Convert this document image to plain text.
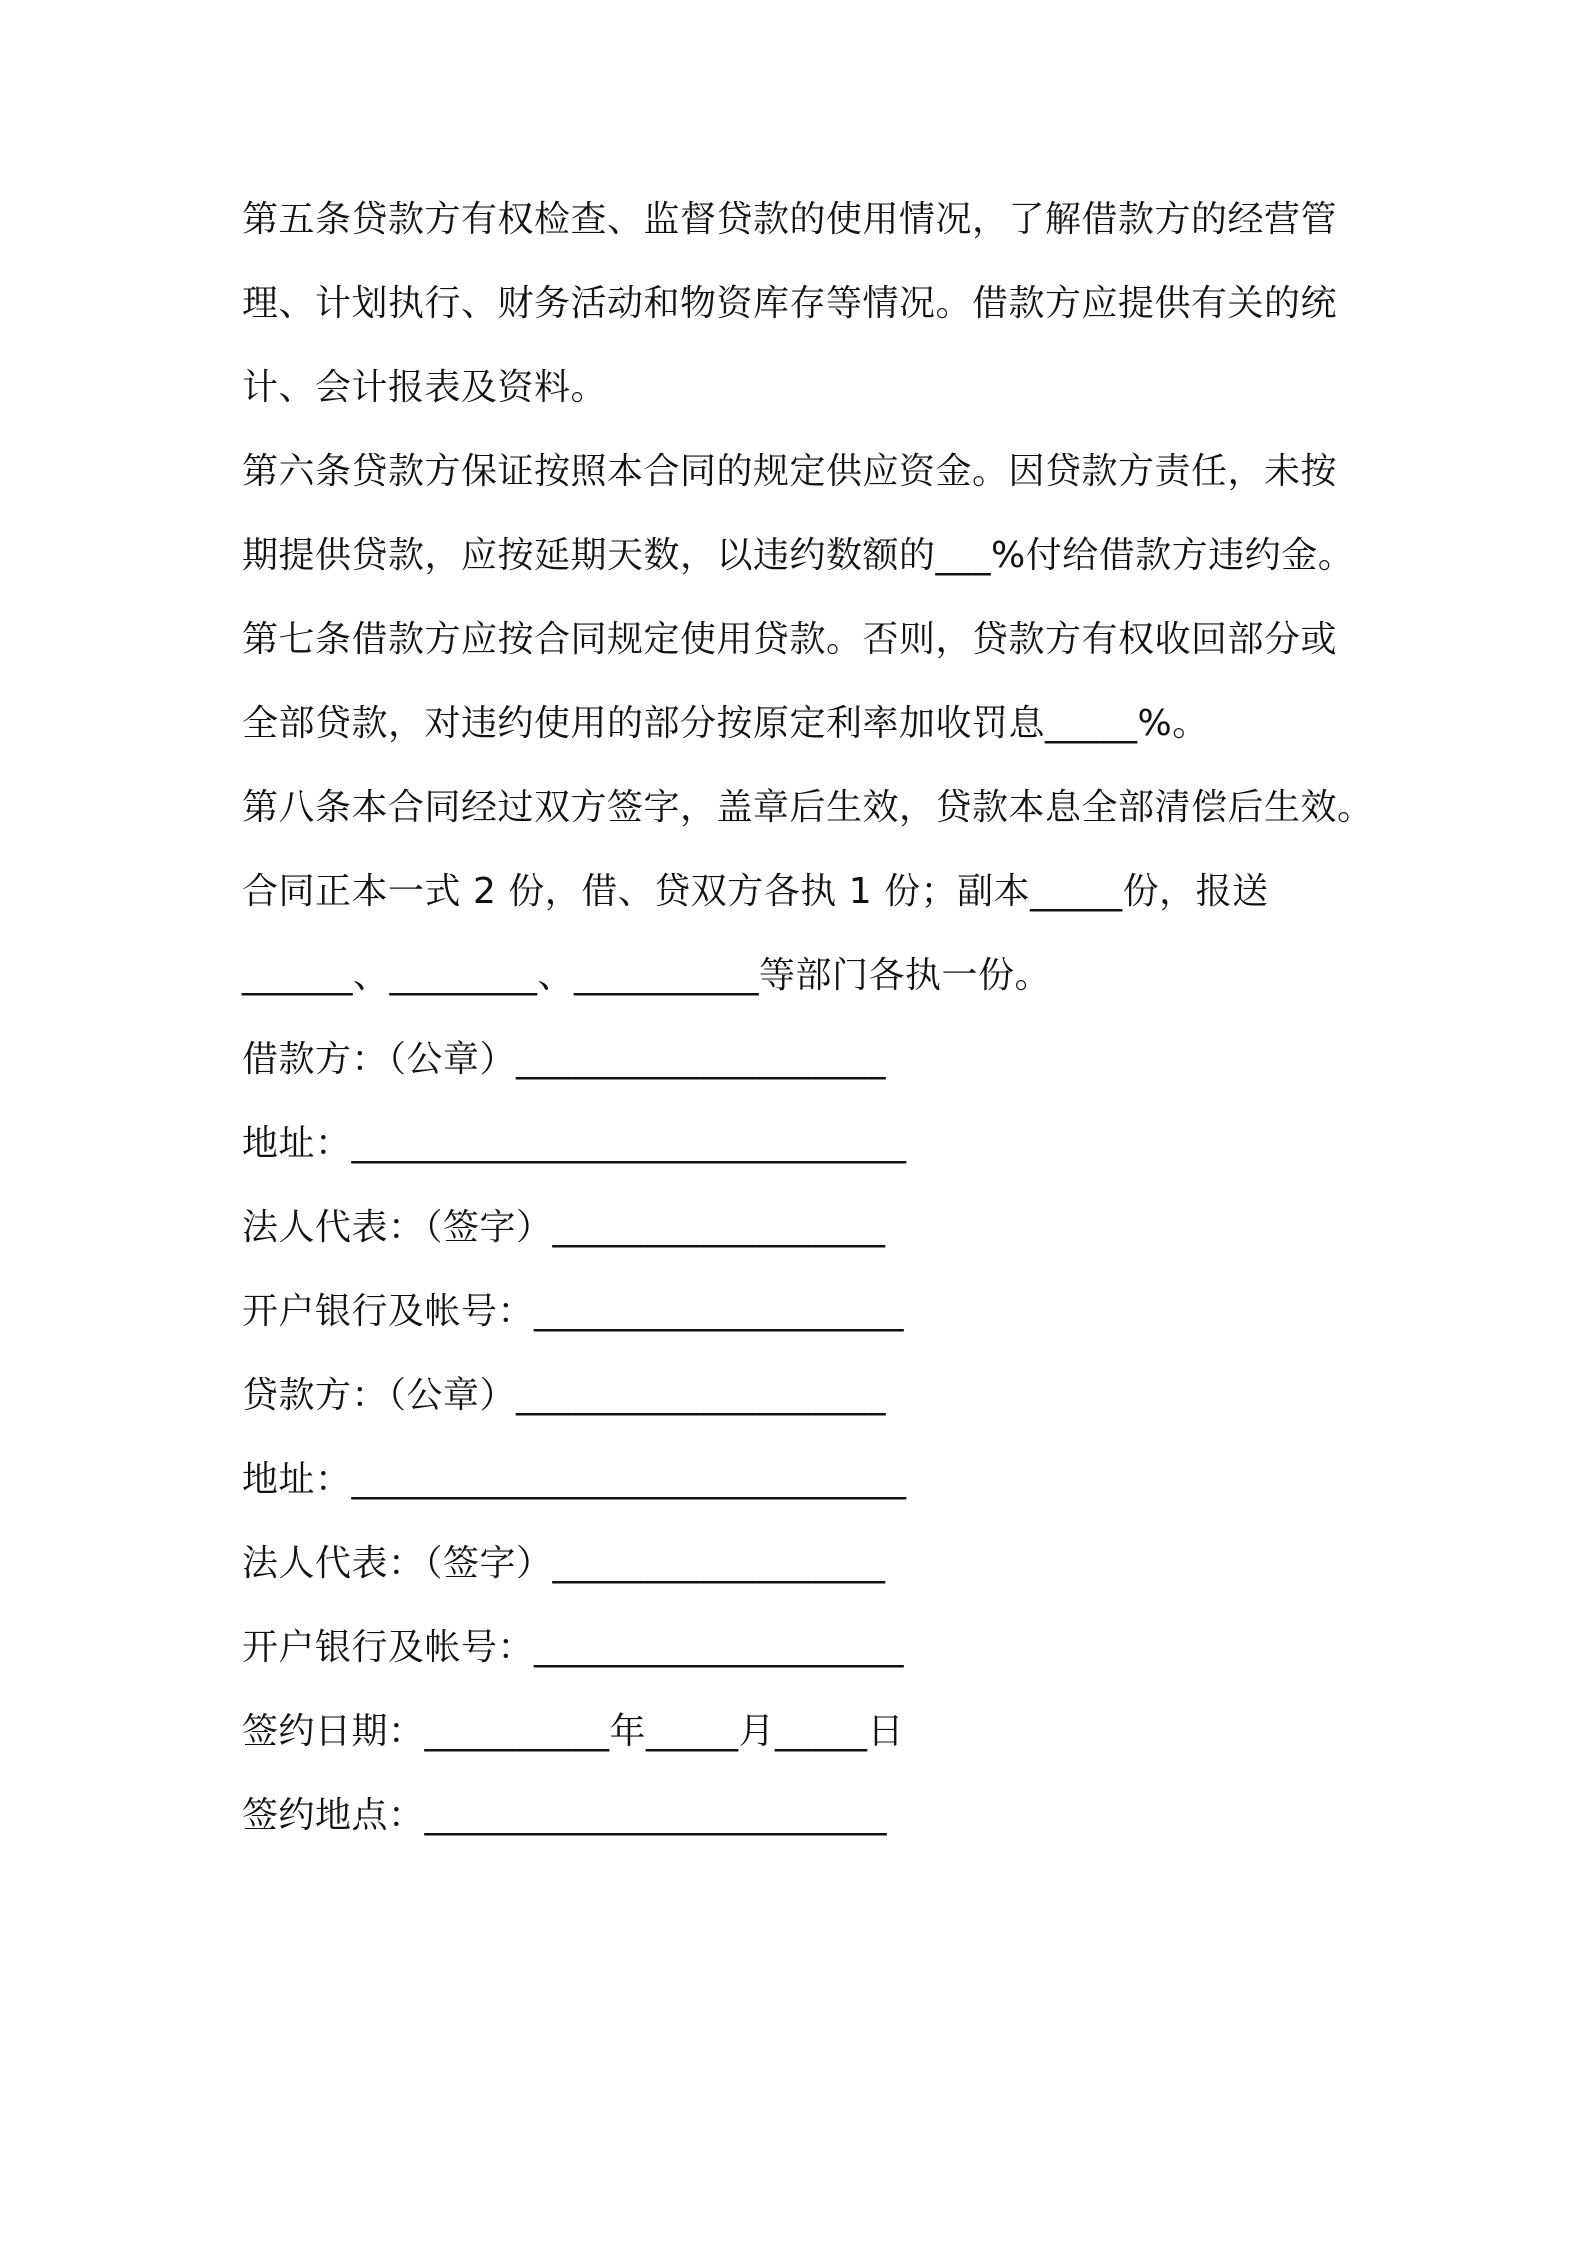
第五条贷款方有权检查、监督贷款的使用情况，了解借款方的经营管
理、计划执行、财务活动和物资库存等情况。借款方应提供有关的统
计、会计报表及资料。
第六条贷款方保证按照本合同的规定供应资金。因贷款方责任，未按
期提供贷款，应按延期天数，以违约数额的___%付给借款方违约金。
第七条借款方应按合同规定使用贷款。否则，贷款方有权收回部分或
全部贷款，对违约使用的部分按原定利率加收罚息_____%。
第八条本合同经过双方签字，盖章后生效，贷款本息全部清偿后生效。
合同正本一式 2 份，借、贷双方各执 1 份；副本_____份，报送
______、________、__________等部门各执一份。
借款方：（公章）____________________
地址：______________________________
法人代表：（签字）__________________
开户银行及帐号：____________________
贷款方：（公章）____________________
地址：______________________________
法人代表：（签字）__________________
开户银行及帐号：____________________
签约日期：__________年_____月_____日
签约地点：_________________________
